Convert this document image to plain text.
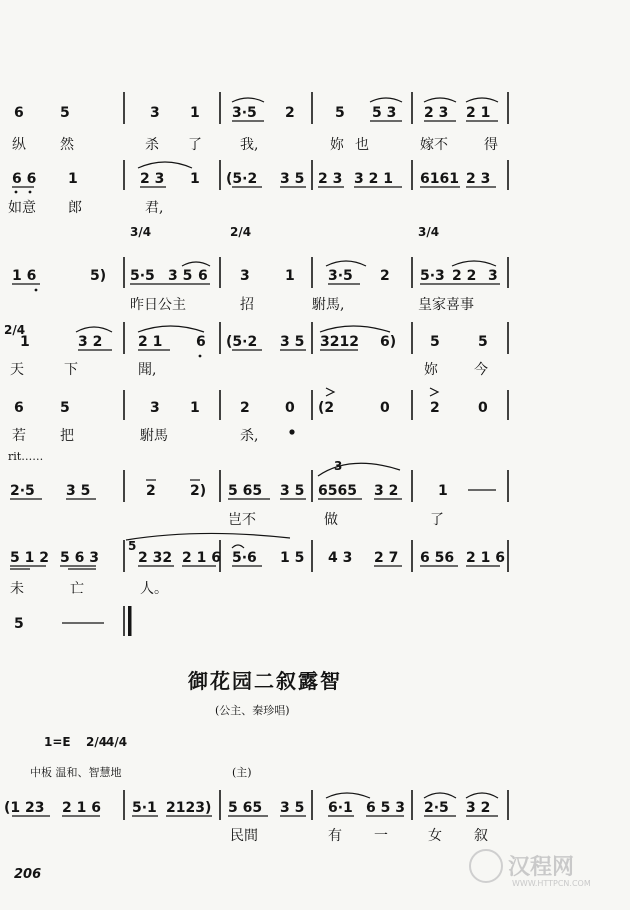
6	5	3 1 3·5 2	5 5 3 2 3 2 1
纵 然	杀 了	我,	妳 也	嫁不	得
6 6 1	2 3 1 (5·2 3 5 2 3 3 2 1 6161 2 3
如意 郎	君,
3/4	2/4	3/4
1 6	5) 5·5 3 5 6 3	1 3·5 2 5·3 2 2 3
昨日公主	招	駙馬,	皇家喜事
2/4
1	3 2	2 1 6 (5·2 3 5 3212 6) 5	5
天	下	聞,	妳	今
6	5	3 1	2	0 (2	0	2	0
若 把	駙馬	杀,
rit……
2·5 3 5	2 2) 5 65 3 5
3
6565 3 2	1
岂不	做	了
5 1 2 5 6 3
5
2 32 2 1 6 5·6 1 5 4 3 2 7 6 56 2 1 6
未	亡	人。
5
御花园二叙露智
(公主、秦珍唱)
1=E 2/4
4/4
中板 温和、智慧地	(主)
(1 23 2 1 6 5·1 2123) 5 65 3 5 6·1 6 5 3 2·5 3 2
民間	有 一	女 叙
206	汉程网
WWW.HTTPCN.COM
